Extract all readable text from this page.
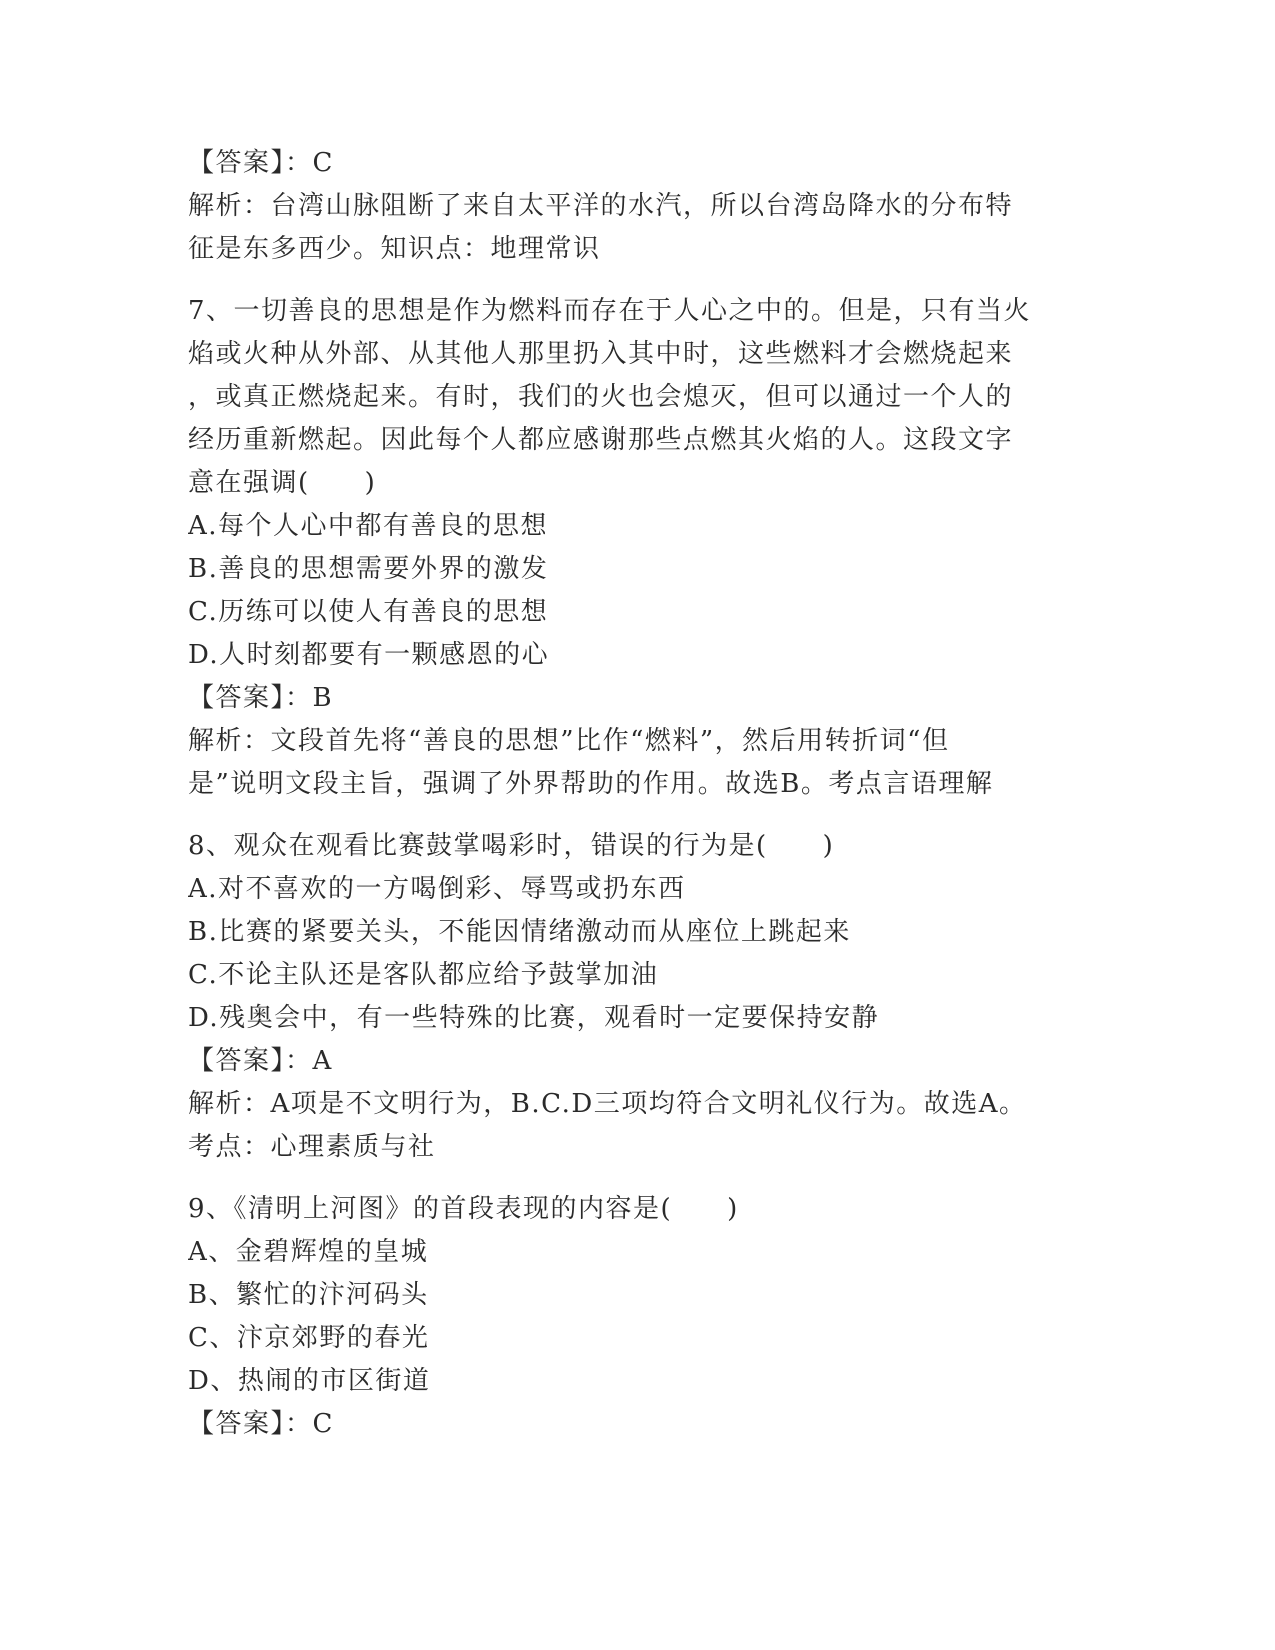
【答案】：C
解析：台湾山脉阻断了来自太平洋的水汽，所以台湾岛降水的分布特
征是东多西少。知识点：地理常识
7、一切善良的思想是作为燃料而存在于人心之中的。但是，只有当火
焰或火种从外部、从其他人那里扔入其中时，这些燃料才会燃烧起来
，或真正燃烧起来。有时，我们的火也会熄灭，但可以通过一个人的
经历重新燃起。因此每个人都应感谢那些点燃其火焰的人。这段文字
意在强调(　　)
A.每个人心中都有善良的思想
B.善良的思想需要外界的激发
C.历练可以使人有善良的思想
D.人时刻都要有一颗感恩的心
【答案】：B
解析：文段首先将“善良的思想”比作“燃料”，然后用转折词“但
是”说明文段主旨，强调了外界帮助的作用。故选B。考点言语理解
8、观众在观看比赛鼓掌喝彩时，错误的行为是(　　)
A.对不喜欢的一方喝倒彩、辱骂或扔东西
B.比赛的紧要关头，不能因情绪激动而从座位上跳起来
C.不论主队还是客队都应给予鼓掌加油
D.残奥会中，有一些特殊的比赛，观看时一定要保持安静
【答案】：A
解析：A项是不文明行为，B.C.D三项均符合文明礼仪行为。故选A。
考点：心理素质与社
9、《清明上河图》的首段表现的内容是(　　)
A、金碧辉煌的皇城
B、繁忙的汴河码头
C、汴京郊野的春光
D、热闹的市区街道
【答案】：C
